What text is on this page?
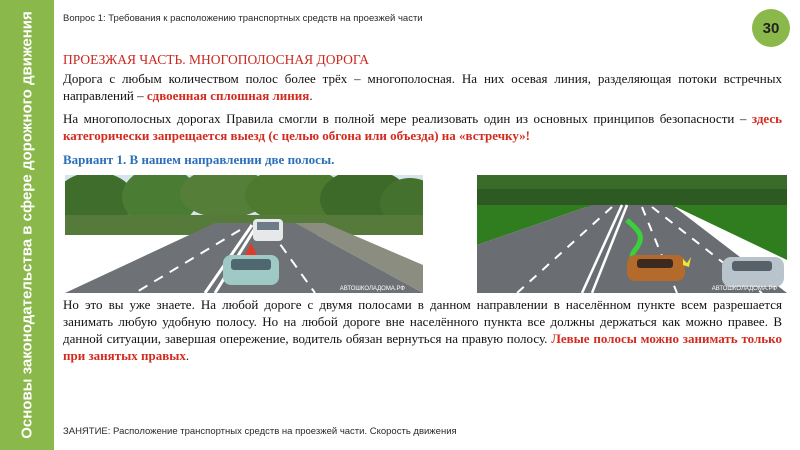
Основы законодательства в сфере дорожного движения	Вопрос 1: Требования к расположению транспортных средств на проезжей части
30
ПРОЕЗЖАЯ ЧАСТЬ. МНОГОПОЛОСНАЯ ДОРОГА
Дорога с любым количеством полос более трёх – многополосная. На них осевая линия, разделяющая потоки встречных направлений – сдвоенная сплошная линия.
На многополосных дорогах Правила смогли в полной мере реализовать один из основных принципов безопасности – здесь категорически запрещается выезд (с целью обгона или объезда) на «встречку»!
Вариант 1. В нашем направлении две полосы.
АВТОШКОЛАДОМА.РФ	АВТОШКОЛАДОМА.РФ
Но это вы уже знаете. На любой дороге с двумя полосами в данном направлении в населённом пункте всем разрешается занимать любую удобную полосу. Но на любой дороге вне населённого пункта все должны держаться как можно правее. В данной ситуации, завершая опережение, водитель обязан вернуться на правую полосу. Левые полосы можно занимать только при занятых правых.
ЗАНЯТИЕ: Расположение транспортных средств на проезжей части. Скорость движения
